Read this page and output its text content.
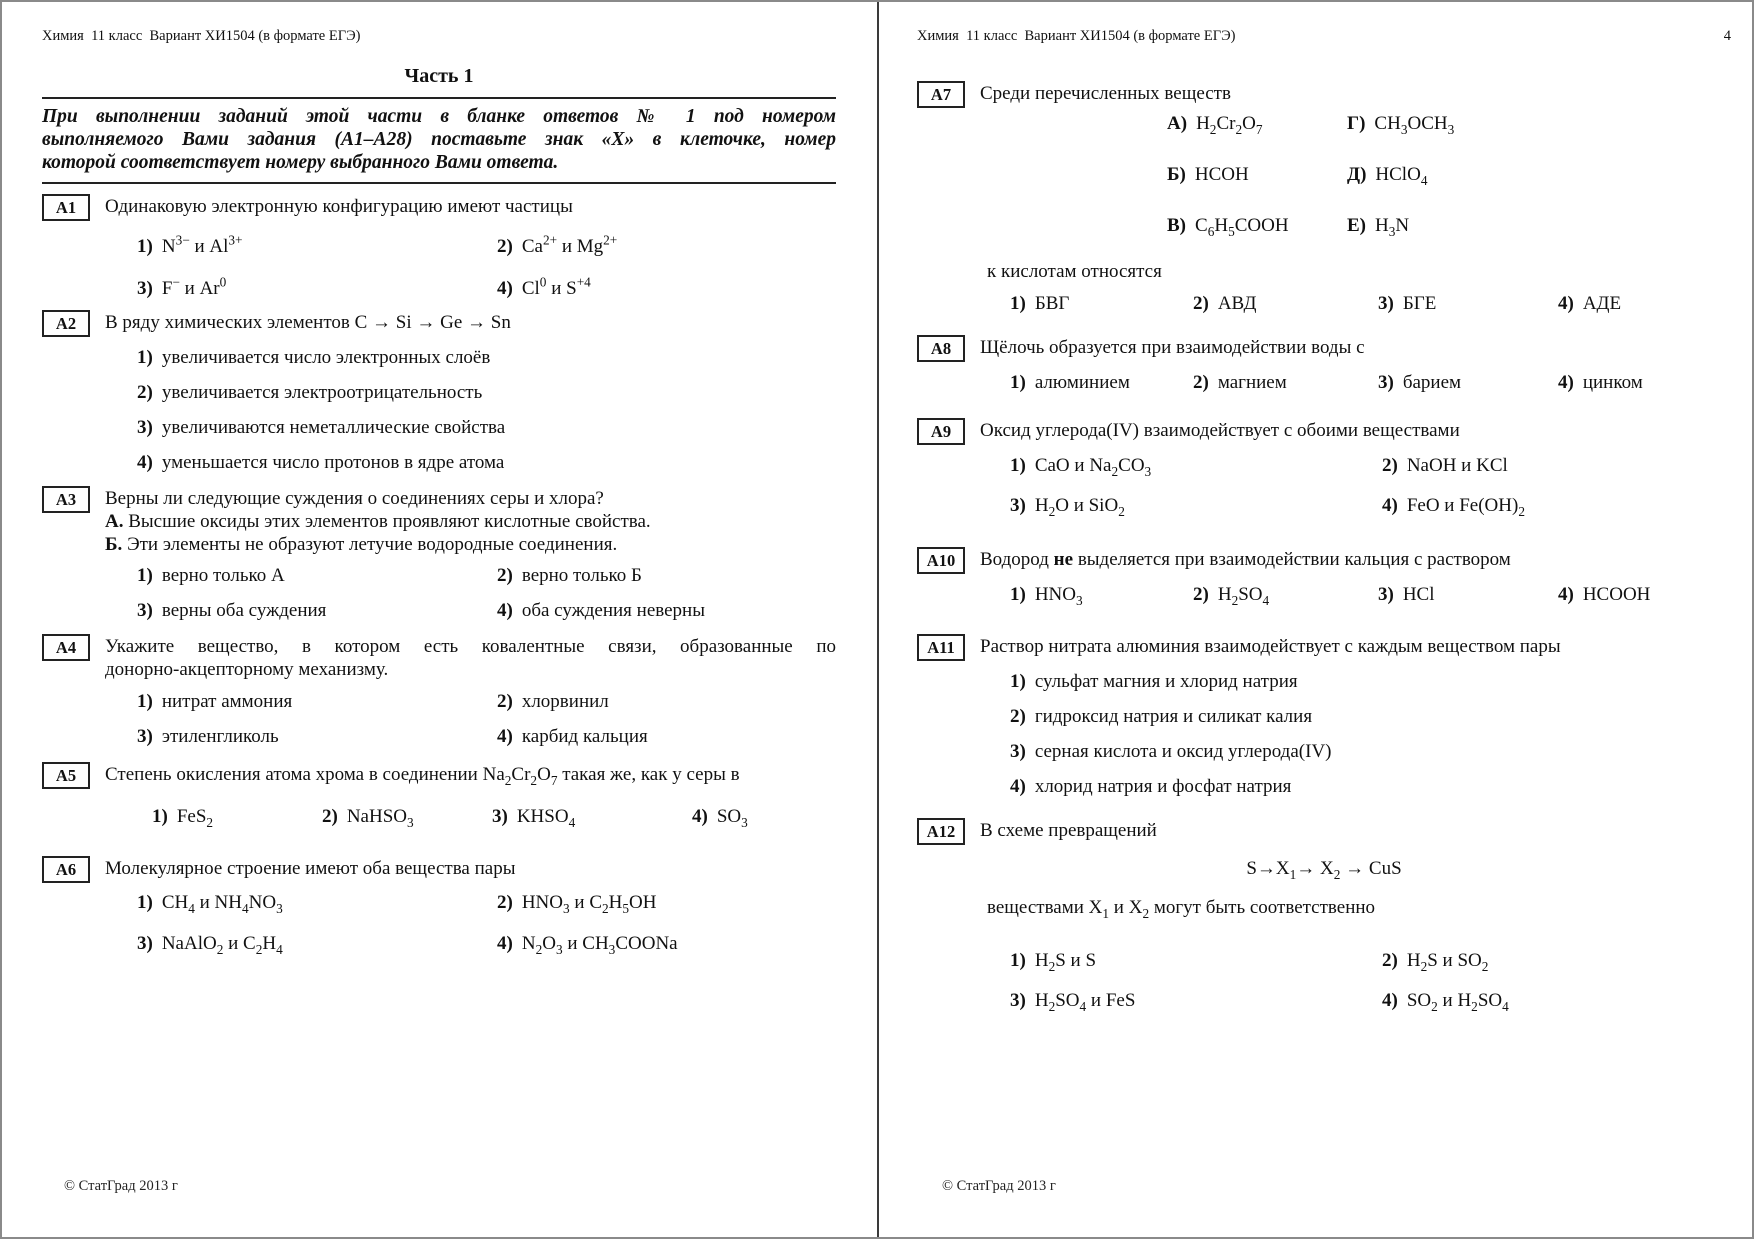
Химия  11 класс  Вариант ХИ1504 (в формате ЕГЭ)
Часть 1
При выполнении заданий этой части в бланке ответов № 1 под номером
выполняемого Вами задания (А1–А28) поставьте знак «Х» в клеточке, номер
которой соответствует номеру выбранного Вами ответа.
А1	Одинаковую электронную конфигурацию имеют частицы
1) $N^{3-}$ и $Al^{3+}$	2) $Ca^{2+}$ и $Mg^{2+}$
3) F− и Ar$^0$	4) Cl$^0$ и $S^{+4}$
А2	В ряду химических элементов C → Si → Ge → Sn
1) увеличивается число электронных слоёв
2) увеличивается электроотрицательность
3) увеличиваются неметаллические свойства
4) уменьшается число протонов в ядре атома
А3	Верны ли следующие суждения о соединениях серы и хлора?
А. Высшие оксиды этих элементов проявляют кислотные свойства.
Б. Эти элементы не образуют летучие водородные соединения.
1) верно только А	2) верно только Б
3) верны оба суждения	4) оба суждения неверны
А4	Укажите вещество, в котором есть ковалентные связи, образованные по
донорно-акцепторному механизму.
1) нитрат аммония	2) хлорвинил
3) этиленгликоль	4) карбид кальция
А5	Степень окисления атома хрома в соединении $Na_2Cr_2O_7$ такая же, как у серы в
1) FeS$_2$	2) NaHSO$_3$	3) $KHSO_4$	4) $SO_3$
А6	Молекулярное строение имеют оба вещества пары
1) $CH_4$ и $NH_4NO_3$	2) $HNO_3$ и $C_2H_5OH$
3) NaAlO$_2$ и $C_2H_4$	4) $N_2O_3$ и $CH_3COONa$
Химия  11 класс  Вариант ХИ1504 (в формате ЕГЭ)	4
А7	Среди перечисленных веществ
А) $H_2Cr_2O_7$	Г) $CH_3OCH_3$
Б) HCOH	Д) HClO$_4$
В) $C_6H_5COOH$	Е) $H_3N$
к кислотам относятся
1) БВГ	2) АВД	3) БГЕ	4) АДЕ
А8	Щёлочь образуется при взаимодействии воды с
1) алюминием	2) магнием	3) барием	4) цинком
А9	Оксид углерода(IV) взаимодействует с обоими веществами
1) CaO и $Na_2CO_3$	2) NaOH и KCl
3) $H_2O$ и SiO$_2$	4) FeO и $Fe(OH)_2$
А10	Водород не выделяется при взаимодействии кальция с раствором
1) $HNO_3$	2) $H_2SO_4$	3) HCl	4) HCOOH
А11	Раствор нитрата алюминия взаимодействует с каждым веществом пары
1) сульфат магния и хлорид натрия
2) гидроксид натрия и силикат калия
3) серная кислота и оксид углерода(IV)
4) хлорид натрия и фосфат натрия
А12	В схеме превращений
$S\to X_1\to X_2$ → CuS
веществами $X_1$ и $X_2$ могут быть соответственно
1) $H_2S$ и S	2) $H_2S$ и $SO_2$
3) $H_2SO_4$ и FeS	4) $SO_2$ и $H_2SO_4$
© СтатГрад 2013 г	© СтатГрад 2013 г
